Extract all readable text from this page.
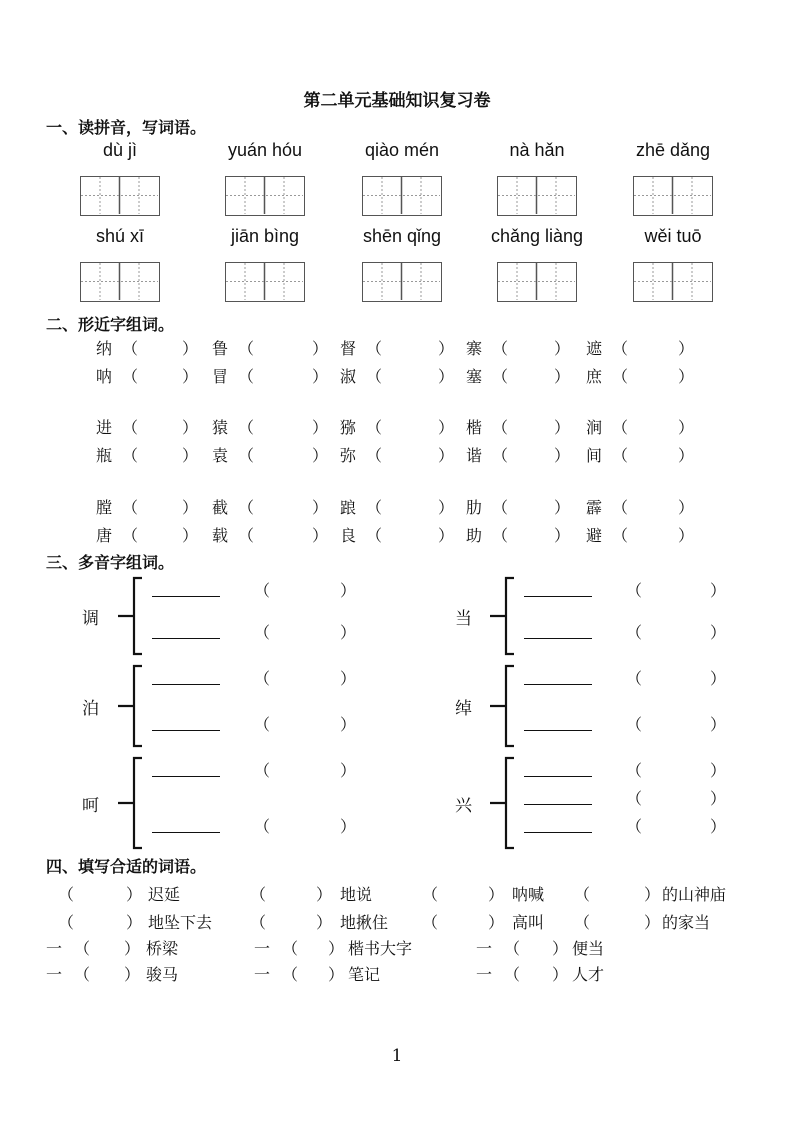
第二单元基础知识复习卷
一、读拼音，写词语。
dù jì	yuán hóu	qiào mén	nà hǎn	zhē dǎng
shú xī	jiān bìng	shēn qǐng	chǎng liàng	wěi tuō
二、形近字组词。
纳 （	） 鲁 （	） 督 （	） 寨 （	） 遮 （	）
呐 （	） 冒 （	） 淑 （	） 塞 （	） 庶 （	）
进 （	） 猿 （	） 猕 （	） 楷 （	） 涧 （	）
瓶 （	） 袁 （	） 弥 （	） 谐 （	） 间 （	）
膛 （	） 截 （	） 踉 （	） 肋 （	） 霹 （	）
唐 （	） 载 （	） 良 （	） 助 （	） 避 （	）
三、多音字组词。
调
（	）
（	）
泊
（	）
（	）
呵
（	）
（	）
当
（	）
（	）
绰
（	）
（	）
兴
（	）
（	）
（	）
四、填写合适的词语。
（	） 迟延	（	） 地说	（	） 呐喊 （	） 的山神庙
（	） 地坠下去 （	） 地揪住 （	） 高叫 （	） 的家当
一 （ ） 桥梁	一 （ ） 楷书大字	一 （ ） 便当
一 （ ） 骏马	一 （ ） 笔记	一 （ ） 人才
1
